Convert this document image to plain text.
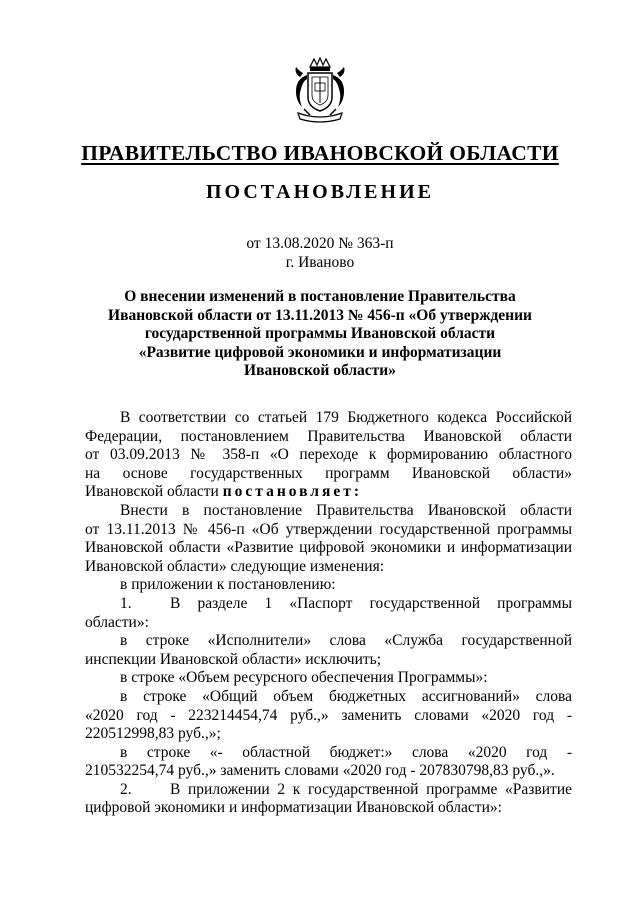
ПРАВИТЕЛЬСТВО ИВАНОВСКОЙ ОБЛАСТИ
ПОСТАНОВЛЕНИЕ
от 13.08.2020 № 363-п
г. Иваново
О внесении изменений в постановление Правительства
Ивановской области от 13.11.2013 № 456-п «Об утверждении
государственной программы Ивановской области
«Развитие цифровой экономики и информатизации
Ивановской области»
В соответствии со статьей 179 Бюджетного кодекса Российской
Федерации, постановлением Правительства Ивановской области
от 03.09.2013 № 358-п «О переходе к формированию областного
на основе государственных программ Ивановской области»
Ивановской области постановляет:
Внести в постановление Правительства Ивановской области
от 13.11.2013 № 456-п «Об утверждении государственной программы
Ивановской области «Развитие цифровой экономики и информатизации
Ивановской области» следующие изменения:
в приложении к постановлению:
1.	В разделе 1 «Паспорт государственной программы
области»:
в строке «Исполнители» слова «Служба государственной
инспекции Ивановской области» исключить;
в строке «Объем ресурсного обеспечения Программы»:
в строке «Общий объем бюджетных ассигнований» слова
«2020 год - 223214454,74 руб.,» заменить словами «2020 год -
220512998,83 руб.,»;
в строке «- областной бюджет:» слова «2020 год -
210532254,74 руб.,» заменить словами «2020 год - 207830798,83 руб.,».
2.	В приложении 2 к государственной программе «Развитие
цифровой экономики и информатизации Ивановской области»:
